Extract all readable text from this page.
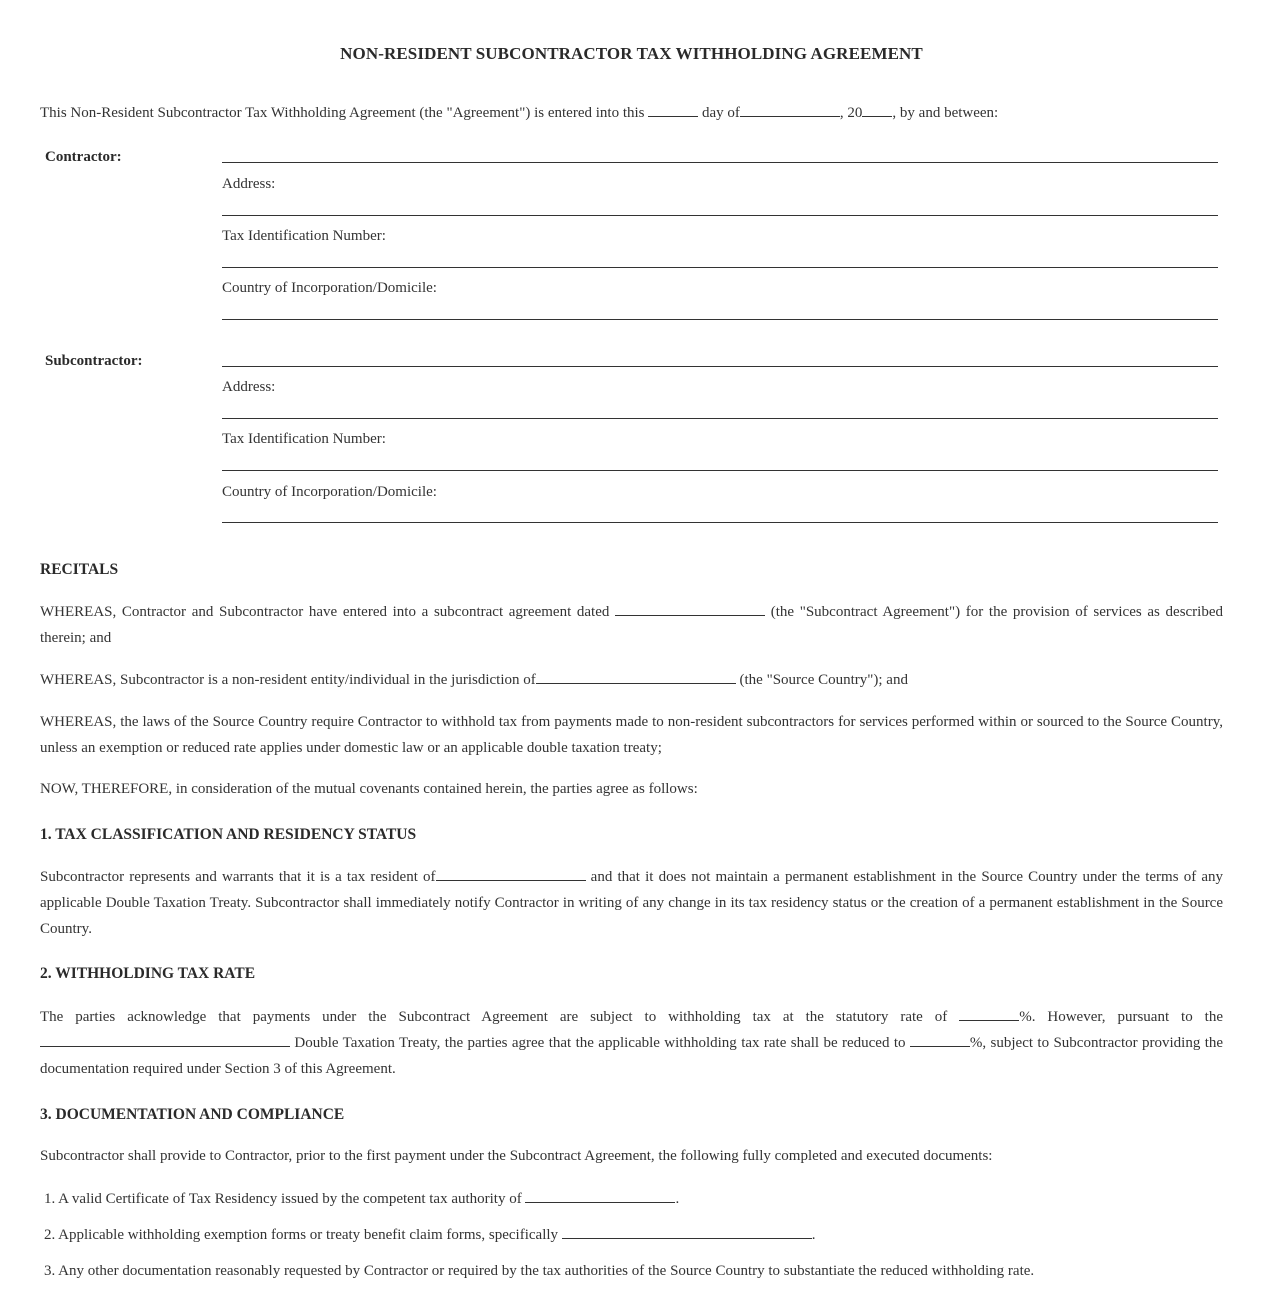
NON-RESIDENT SUBCONTRACTOR TAX WITHHOLDING AGREEMENT
This Non-Resident Subcontractor Tax Withholding Agreement (the "Agreement") is entered into this	day of	, 20 , by and between:
Contractor:
Address:
Tax Identification Number:
Country of Incorporation/Domicile:
Subcontractor:
Address:
Tax Identification Number:
Country of Incorporation/Domicile:
RECITALS
WHEREAS, Contractor and Subcontractor have entered into a subcontract agreement dated	(the "Subcontract Agreement") for the provision of services as described therein; and
WHEREAS, Subcontractor is a non-resident entity/individual in the jurisdiction of	(the "Source Country"); and
WHEREAS, the laws of the Source Country require Contractor to withhold tax from payments made to non-resident subcontractors for services performed within or sourced to the Source Country, unless an exemption or reduced rate applies under domestic law or an applicable double taxation treaty;
NOW, THEREFORE, in consideration of the mutual covenants contained herein, the parties agree as follows:
1. TAX CLASSIFICATION AND RESIDENCY STATUS
Subcontractor represents and warrants that it is a tax resident of	and that it does not maintain a permanent establishment in the Source Country under the terms of any applicable Double Taxation Treaty. Subcontractor shall immediately notify Contractor in writing of any change in its tax residency status or the creation of a permanent establishment in the Source Country.
2. WITHHOLDING TAX RATE
The parties acknowledge that payments under the Subcontract Agreement are subject to withholding tax at the statutory rate of	%. However, pursuant to the  Double Taxation Treaty, the parties agree that the applicable withholding tax rate shall be reduced to	%, subject to Subcontractor providing the documentation required under Section 3 of this Agreement.
3. DOCUMENTATION AND COMPLIANCE
Subcontractor shall provide to Contractor, prior to the first payment under the Subcontract Agreement, the following fully completed and executed documents:
1. A valid Certificate of Tax Residency issued by the competent tax authority of	.
2. Applicable withholding exemption forms or treaty benefit claim forms, specifically	.
3. Any other documentation reasonably requested by Contractor or required by the tax authorities of the Source Country to substantiate the reduced withholding rate.
